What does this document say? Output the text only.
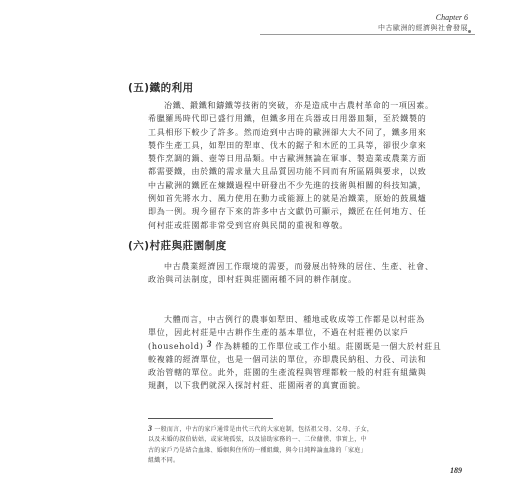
Chapter 6
中古歐洲的經濟與社會發展
(五)鐵的利用
冶鐵、鍛鐵和鑄鐵等技術的突破，亦是造成中古農村革命的一項因素。
希臘羅馬時代即已盛行用鐵，但鐵多用在兵器或日用器皿類，至於鐵製的
工具相形下較少了許多。然而迨到中古時的歐洲卻大大不同了，鐵多用來
製作生產工具，如犁田的犁車、伐木的鋸子和木匠的工具等，卻很少拿來
製作烹調的鍋、壺等日用品類。中古歐洲無論在軍事、製造業或農業方面
都需要鐵，由於鐵的需求量大且品質因功能不同而有所區隔與要求，以致
中古歐洲的鐵匠在煉鐵過程中研發出不少先進的技術與相關的科技知識，
例如首先將水力、風力使用在動力或能源上的就是冶鐵業，原始的鼓風爐
即為一例。現今留存下來的許多中古文獻仍可顯示，鐵匠在任何地方、任
何村莊或莊園都非常受到官府與民間的重視和尊敬。
(六)村莊與莊園制度
中古農業經濟因工作環境的需要，而發展出特殊的居住、生產、社會、
政治與司法制度，即村莊與莊園兩種不同的耕作制度。
大體而言，中古例行的農事如犁田、種地或收成等工作都是以村莊為
單位，因此村莊是中古耕作生產的基本單位，不過在村莊裡仍以家戶
(household) 3 作為耕種的工作單位或工作小組。莊園既是一個大於村莊且
較複雜的經濟單位，也是一個司法的單位，亦即農民納租、力役、司法和
政治管轄的單位。此外，莊園的生產流程與管理都較一般的村莊有組織與
規劃，以下我們就深入探討村莊、莊園兩者的真實面貌。
3 一般而言，中古的家戶通常是由代三代的大家庭制，包括祖父母、父母、子女，
以及未婚的叔伯姑姑，或家境孤弦，以及協助家務的一、二位傭僕、事實上，中
古的家戶乃是結合血緣、婚姻與住所的一種組織，與今日純粹論血緣的「家庭」
組織不同。
189
